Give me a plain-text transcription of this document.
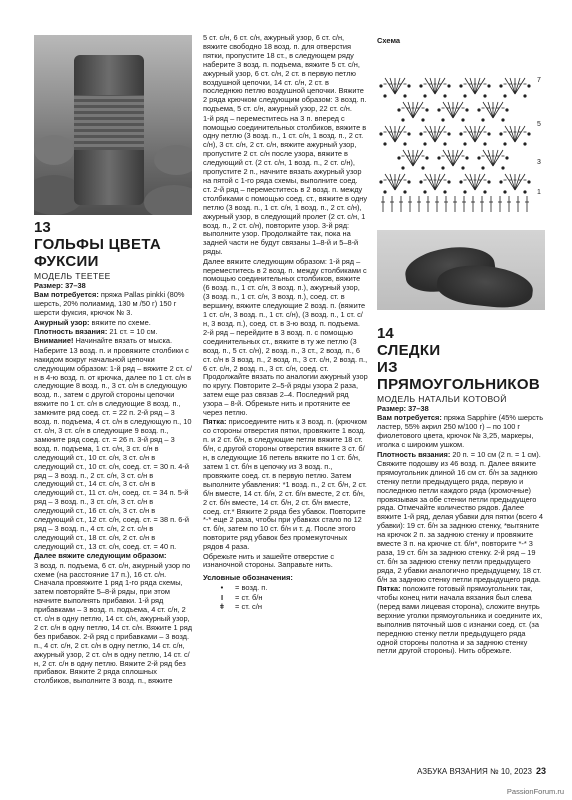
13
ГОЛЬФЫ ЦВЕТА ФУКСИИ
МОДЕЛЬ ТЕЕТЕЕ

Размер: 37–38

Вам потребуется: пряжа Pallas pinkki (80% шерсть, 20% полиамид, 130 м /50 г) 150 г шерсти фуксия, крючок № 3.

Ажурный узор: вяжите по схеме.

Плотность вязания: 21 ст. = 10 см.

Внимание! Начинайте вязать от мыска.

Наберите 13 возд. п. и провяжите столбики с накидом вокруг начальной цепочки следующим образом: 1-й ряд – вяжите 2 ст. с/н в 4-ю возд. п. от крючка, далее по 1 ст. с/н в следующие 8 возд. п., 3 ст. с/н в следующую возд. п., затем с другой стороны цепочки вяжите по 1 ст. с/н в следующие 8 возд. п., замкните ряд соед. ст. = 22 п. 2-й ряд – 3 возд. п. подъема, 4 ст. с/н в следующую п., 10 ст. с/н, 3 ст. с/н в следующие 9 возд. п., замкните ряд соед. ст. = 26 п. 3-й ряд – 3 возд. п. подъема, 1 ст. с/н, 3 ст. с/н в следующий ст., 10 ст. с/н, 3 ст. с/н в следующий ст., 10 ст. с/н, соед. ст. = 30 п. 4-й ряд – 3 возд. п., 2 ст. с/н, 3 ст. с/н в следующий ст., 14 ст. с/н, 3 ст. с/н в следующий ст., 11 ст. с/н, соед. ст. = 34 п. 5-й ряд – 3 возд. п., 3 ст. с/н, 3 ст. с/н в следующий ст., 16 ст. с/н, 3 ст. с/н в следующий ст., 12 ст. с/н, соед. ст. = 38 п. 6-й ряд – 3 возд. п., 4 ст. с/н, 2 ст. с/н в следующий ст., 18 ст. с/н, 2 ст. с/н в следующий ст., 13 ст. с/н, соед. ст. = 40 п.

Далее вяжите следующим образом:

3 возд. п. подъема, 6 ст. с/н, ажурный узор по схеме (на расстояние 17 п.), 16 ст. с/н. Сначала провяжите 1 ряд 1-го ряда схемы, затем повторяйте 5–8-й ряды, при этом начните выполнять прибавки. 1-й ряд прибавками – 3 возд. п. подъема, 4 ст. с/н, 2 ст. с/н в одну петлю, 14 ст. с/н, ажурный узор, 2 ст. с/н в одну петлю, 14 ст. с/н. Вяжите 1 ряд без прибавок. 2-й ряд с прибавками – 3 возд. п., 4 ст. с/н, 2 ст. с/н в одну петлю, 14 ст. с/н, ажурный узор, 2 ст. с/н в одну петлю, 14 ст. с/н, 2 ст. с/н в одну петлю. Вяжите 2-й ряд без прибавок. Вяжите 2 ряда сплошных столбиков, выполните 3 возд. п., вяжите

5 ст. с/н, 6 ст. с/н, ажурный узор, 6 ст. с/н, вяжите свободно 18 возд. п. для отверстия пятки, пропустите 18 ст., в следующем ряду наберите 3 возд. п. подъема, вяжите 5 ст. с/н, ажурный узор, 6 ст. с/н, 2 ст. в первую петлю воздушной цепочки, 14 ст. с/н, 2 ст. в последнюю петлю воздушной цепочки. Вяжите 2 ряда крючком следующим образом: 3 возд. п. подъема, 5 ст. с/н, ажурный узор, 22 ст. с/н.

1-й ряд – переместитесь на 3 п. вперед с помощью соединительных столбиков, вяжите в одну петлю (3 возд. п., 1 ст. с/н, 1 возд. п., 2 ст. с/н), 3 ст. с/н, 2 ст. с/н, вяжите ажурный узор, пропустите 2 ст. с/н после узора, вяжите в следующий ст. (2 ст. с/н, 1 возд. п., 2 ст. с/н), пропустите 2 п., начните вязать ажурный узор на пятой с 1-го ряда схемы, выполните соед. ст. 2-й ряд – переместитесь в 2 возд. п. между столбиками с помощью соед. ст., вяжите в одну петлю (3 возд. п., 1 ст. с/н, 1 возд. п., 2 ст. с/н), ажурный узор, в следующий пролет (2 ст. с/н, 1 возд. п., 2 ст. с/н), повторите узор. 3-й ряд: выполните узор. Продолжайте так, пока на задней части не будут связаны 1–8-й и 5–8-й ряды.

Далее вяжите следующим образом: 1-й ряд – переместитесь в 2 возд. п. между столбиками с помощью соединительных столбиков, вяжите (6 возд. п., 1 ст. с/н, 3 возд. п.), ажурный узор, (3 возд. п., 1 ст. с/н, 3 возд. п.), соед. ст. в вершину, вяжите следующие 2 возд. п. (вяжите 1 ст. с/н, 3 возд. п., 1 ст. с/н), (3 возд. п., 1 ст. с/н, 3 возд. п.), соед. ст. в 3-ю возд. п. подъема. 2-й ряд – перейдите в 3 возд. п. с помощью соединительных ст., вяжите в ту же петлю (3 возд. п., 5 ст. с/н), 2 возд. п., 3 ст., 2 возд. п., 6 ст. с/н в 3 возд. п., 2 возд. п., 3 ст. с/н, 2 возд. п., 6 ст. с/н, 2 возд. п., 3 ст. с/н, соед. ст. Продолжайте вязать по аналогии ажурный узор по кругу. Повторите 2–5-й ряды узора 2 раза, затем еще раз связав 2–4. Последний ряд узора – 8-й. Обрежьте нить и протяните ее через петлю.

Пятка: присоедините нить к 3 возд. п. (крючком со стороны отверстия пятки, провяжите 1 возд. п. и 2 ст. б/н, в следующие петли вяжите 18 ст. б/н, с другой стороны отверстия вяжите 3 ст. б/н, в следующие 16 петель вяжите по 1 ст. б/н, затем 1 ст. б/н в цепочку из 3 возд. п., провяжите соед. ст. в первую петлю. Затем выполните убавления: *1 возд. п., 2 ст. б/н, 2 ст. б/н вместе, 14 ст. б/н, 2 ст. б/н вместе, 2 ст. б/н, 2 ст. б/н вместе, 14 ст. б/н, 2 ст. б/н вместе, соед. ст.* Вяжите 2 ряда без убавок. Повторите *-* еще 2 раза, чтобы при убавках стало по 12 ст. б/н, затем по 10 ст. б/н и т. д. После этого повторите ряд убавок без промежуточных рядов 4 раза.

Обрежьте нить и зашейте отверстие с изнаночной стороны. Заправьте нить.

Условные обозначения:
•	= возд. п.
I	= ст. б/н
ǂ	= ст. с/н
Схема
7
5
3
1
14
СЛЕДКИ
ИЗ ПРЯМОУГОЛЬНИКОВ
МОДЕЛЬ НАТАЛЬИ КОТОВОЙ

Размер: 37–38

Вам потребуется: пряжа Sapphire (45% шерсть ластер, 55% акрил 250 м/100 г) – по 100 г фиолетового цвета, крючок № 3,25, маркеры, иголка с широким ушком.

Плотность вязания: 20 п. = 10 см (2 п. = 1 см).

Свяжите подошву из 46 возд. п. Далее вяжите прямоугольник длиной 16 см ст. б/н за заднюю стенку петли предыдущего ряда, первую и последнюю петли каждого ряда (кромочные) провязывая за обе стенки петли предыдущего ряда. Отмечайте количество рядов. Далее вяжите 1-й ряд, делая убавки для пятки (всего 4 убавки): 19 ст. б/н за заднюю стенку, *вытяните на крючок 2 п. за заднюю стенку и провяжите вместе 3 п. на крючке ст. б/н*, повторите *-* 3 раза, 19 ст. б/н за заднюю стенку. 2-й ряд – 19 ст. б/н за заднюю стенку петли предыдущего ряда, 2 убавки аналогично предыдущему, 18 ст. б/н за заднюю стенку петли предыдущего ряда.

Пятка: положите готовый прямоугольник так, чтобы конец нити начала вязания был слева (перед вами лицевая сторона), сложите внутрь верхние уголки прямоугольника и соедините их, выполнив пяточный шов с изнанки соед. ст. (за переднюю стенку петли предыдущего ряда одной стороны полотна и за заднюю стенку петли другой стороны). Нить обрежьте.

АЗБУКА ВЯЗАНИЯ № 10, 2023 23
PassionForum.ru
